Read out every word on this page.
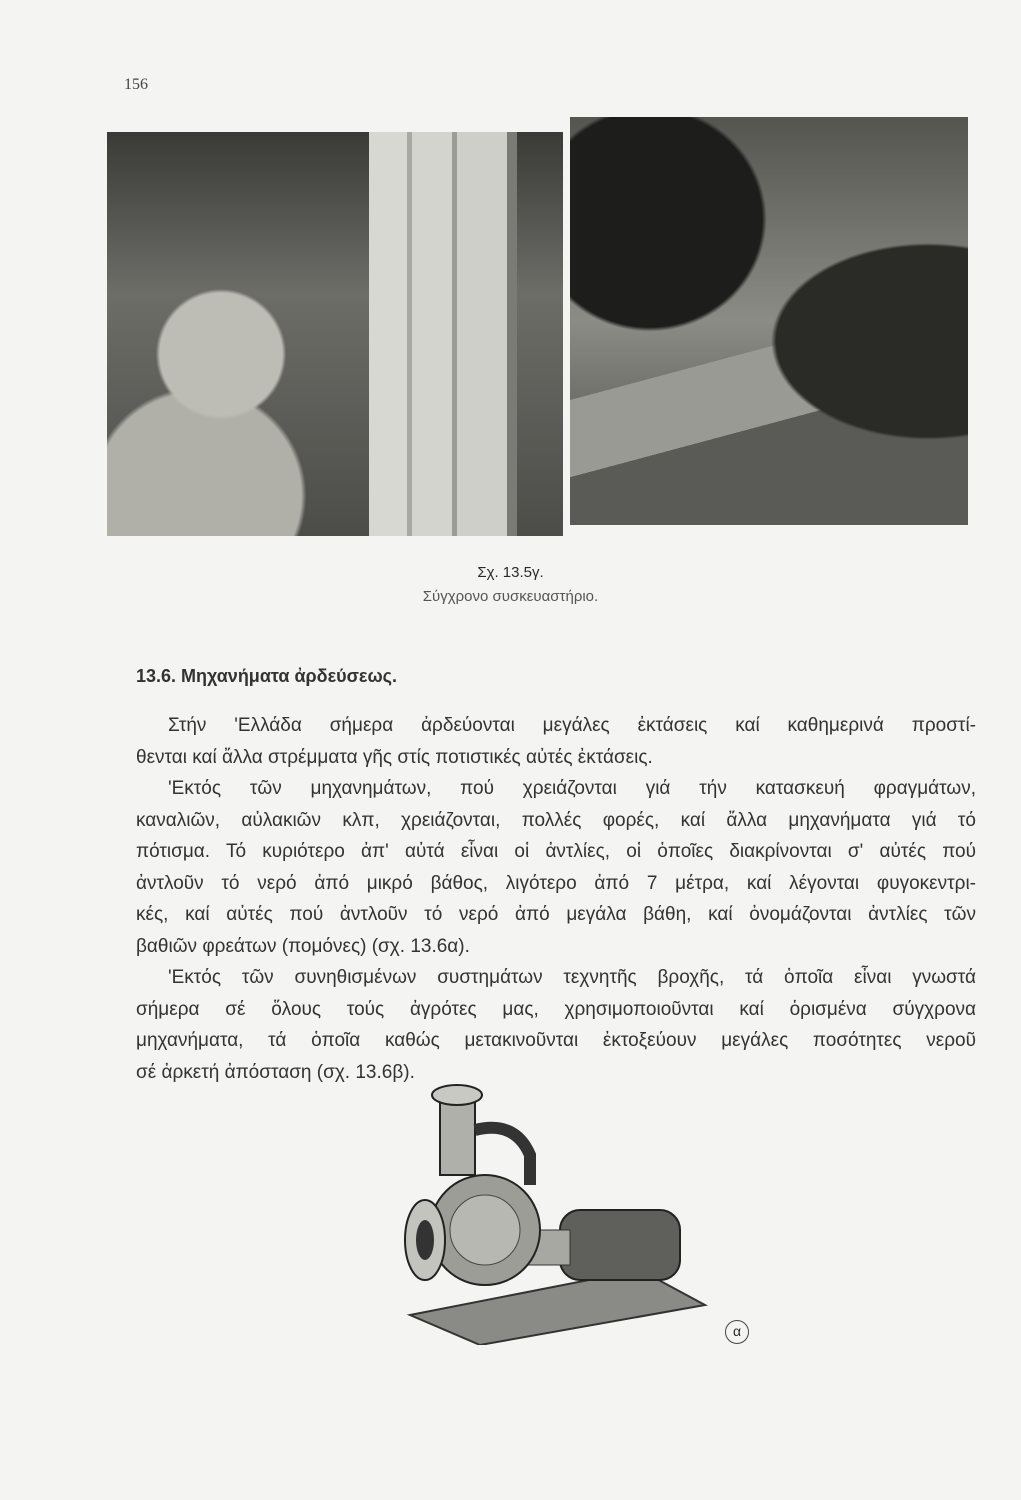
156
Σχ. 13.5γ.
Σύγχρονο συσκευαστήριο.
13.6. Μηχανήματα ἀρδεύσεως.
Στήν 'Ελλάδα σήμερα ἀρδεύονται μεγάλες ἐκτάσεις καί καθημερινά προστί-
θενται καί ἄλλα στρέμματα γῆς στίς ποτιστικές αὐτές ἐκτάσεις.
'Εκτός τῶν μηχανημάτων, πού χρειάζονται γιά τήν κατασκευή φραγμάτων,
καναλιῶν, αὐλακιῶν κλπ, χρειάζονται, πολλές φορές, καί ἄλλα μηχανήματα γιά τό
πότισμα. Τό κυριότερο ἀπ' αὐτά εἶναι οἱ ἀντλίες, οἱ ὁποῖες διακρίνονται σ' αὐτές πού
ἀντλοῦν τό νερό ἀπό μικρό βάθος, λιγότερο ἀπό 7 μέτρα, καί λέγονται φυγοκεντρι-
κές, καί αὐτές πού ἀντλοῦν τό νερό ἀπό μεγάλα βάθη, καί ὀνομάζονται ἀντλίες τῶν
βαθιῶν φρεάτων (πομόνες) (σχ. 13.6α).
'Εκτός τῶν συνηθισμένων συστημάτων τεχνητῆς βροχῆς, τά ὁποῖα εἶναι γνωστά
σήμερα σέ ὅλους τούς ἀγρότες μας, χρησιμοποιοῦνται καί ὁρισμένα σύγχρονα
μηχανήματα, τά ὁποῖα καθώς μετακινοῦνται ἐκτοξεύουν μεγάλες ποσότητες νεροῦ
σέ ἀρκετή ἀπόσταση (σχ. 13.6β).
α
